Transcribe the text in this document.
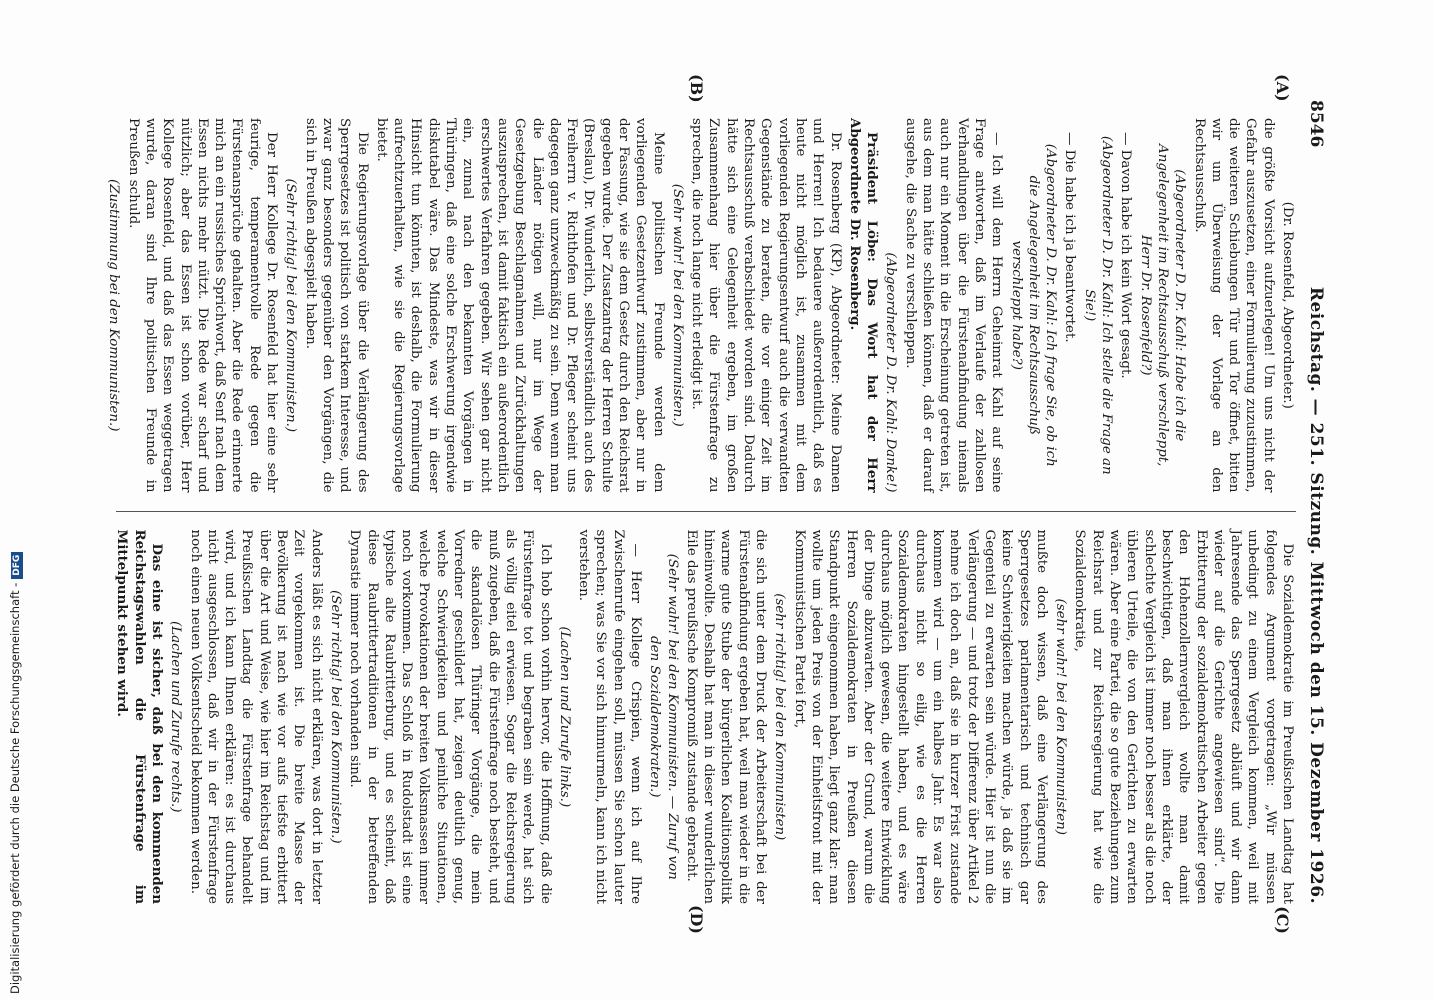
8546
Reichstag. — 251. Sitzung. Mittwoch den 15. Dezember 1926.
(A)
(B)
(C)
(D)

(Dr. Rosenfeld, Abgeordneter.)

die größte Vorsicht aufzuerlegen! Um uns nicht der Gefahr auszusetzen, einer Formulierung zuzustimmen, die weiteren Schiebungen Tür und Tor öffnet, bitten wir um Überweisung der Vorlage an den Rechtsausschuß.

(Abgeordneter D. Dr. Kahl: Habe ich die Angelegenheit im Rechtsausschuß verschleppt, Herr Dr. Rosenfeld?)

— Davon habe ich kein Wort gesagt.

(Abgeordneter D. Dr. Kahl: Ich stelle die Frage an Sie!)

— Die habe ich ja beantwortet.

(Abgeordneter D. Dr. Kahl: Ich frage Sie, ob ich die Angelegenheit im Rechtsausschuß verschleppt habe?)

— Ich will dem Herrn Geheimrat Kahl auf seine Frage antworten, daß im Verlaufe der zahllosen Verhandlungen über die Fürstenabfindung niemals auch nur ein Moment in die Erscheinung getreten ist, aus dem man hätte schließen können, daß er darauf ausgehe, die Sache zu verschleppen.

(Abgeordneter D. Dr. Kahl: Danke!)

Präsident Löbe: Das Wort hat der Herr Abgeordnete Dr. Rosenberg.

Dr. Rosenberg (KP), Abgeordneter: Meine Damen und Herren! Ich bedauere außerordentlich, daß es heute nicht möglich ist, zusammen mit dem vorliegenden Regierungsentwurf auch die verwandten Gegenstände zu beraten, die vor einiger Zeit im Rechtsausschuß verabschiedet worden sind. Dadurch hätte sich eine Gelegenheit ergeben, im großen Zusammenhang hier über die Fürstenfrage zu sprechen, die noch lange nicht erledigt ist.

(Sehr wahr! bei den Kommunisten.)

Meine politischen Freunde werden dem vorliegenden Gesetzentwurf zustimmen, aber nur in der Fassung, wie sie dem Gesetz durch den Reichsrat gegeben wurde. Der Zusatzantrag der Herren Schulte (Breslau), Dr. Wunderlich, selbstverständlich auch des Freiherrn v. Richthofen und Dr. Pfleger scheint uns dagegen ganz unzweckmäßig zu sein. Denn wenn man die Länder nötigen will, nur im Wege der Gesetzgebung Beschlagnahmen und Zurückhaltungen auszusprechen, ist damit faktisch ein außerordentlich erschwertes Verfahren gegeben. Wir sehen gar nicht ein, zumal nach den bekannten Vorgängen in Thüringen, daß eine solche Erschwerung irgendwie diskutabel wäre. Das Mindeste, was wir in dieser Hinsicht tun könnten, ist deshalb, die Formulierung aufrechtzuerhalten, wie sie die Regierungsvorlage bietet.

Die Regierungsvorlage über die Verlängerung des Sperrgesetzes ist politisch von starkem Interesse, und zwar ganz besonders gegenüber den Vorgängen, die sich in Preußen abgespielt haben.

(Sehr richtig! bei den Kommunisten.)

Der Herr Kollege Dr. Rosenfeld hat hier eine sehr feurige, temperamentvolle Rede gegen die Fürstenansprüche gehalten. Aber die Rede erinnerte mich an ein russisches Sprichwort, daß Senf nach dem Essen nichts mehr nützt. Die Rede war scharf und nützlich; aber das Essen ist schon vorüber, Herr Kollege Rosenfeld, und daß das Essen weggetragen wurde, daran sind Ihre politischen Freunde in Preußen schuld.

(Zustimmung bei den Kommunisten.)

Die Sozialdemokratie im Preußischen Landtag hat folgendes Argument vorgetragen: „Wir müssen unbedingt zu einem Vergleich kommen, weil mit Jahresende das Sperrgesetz abläuft und wir dann wieder auf die Gerichte angewiesen sind“. Die Erbitterung der sozialdemokratischen Arbeiter gegen den Hohenzollernvergleich wollte man damit beschwichtigen, daß man ihnen erklärte, der schlechte Vergleich ist immer noch besser als die noch übleren Urteile, die von den Gerichten zu erwarten wären. Aber eine Partei, die so gute Beziehungen zum Reichsrat und zur Reichsregierung hat wie die Sozialdemokratie,

(sehr wahr! bei den Kommunisten)

mußte doch wissen, daß eine Verlängerung des Sperrgesetzes parlamentarisch und technisch gar keine Schwierigkeiten machen würde, ja daß sie im Gegenteil zu erwarten sein würde. Hier ist nun die Verlängerung — und trotz der Differenz über Artikel 2 nehme ich doch an, daß sie in kurzer Frist zustande kommen wird — um ein halbes Jahr. Es war also durchaus nicht so eilig, wie es die Herren Sozialdemokraten hingestellt haben, und es wäre durchaus möglich gewesen, die weitere Entwicklung der Dinge abzuwarten. Aber der Grund, warum die Herren Sozialdemokraten in Preußen diesen Standpunkt eingenommen haben, liegt ganz klar: man wollte um jeden Preis von der Einheitsfront mit der Kommunistischen Partei fort,

(sehr richtig! bei den Kommunisten)

die sich unter dem Druck der Arbeiterschaft bei der Fürstenabfindung ergeben hat, weil man wieder in die warme gute Stube der bürgerlichen Koalitionspolitik hineinwollte. Deshalb hat man in dieser wunderlichen Eile das preußische Kompromiß zustande gebracht.

(Sehr wahr! bei den Kommunisten. — Zuruf von den Sozialdemokraten.)

— Herr Kollege Crispien, wenn ich auf Ihre Zwischenrufe eingehen soll, müssen Sie schon lauter sprechen; was Sie vor sich hinmurmeln, kann ich nicht verstehen.

(Lachen und Zurufe links.)

Ich hob schon vorhin hervor, die Hoffnung, daß die Fürstenfrage tot und begraben sein werde, hat sich als völlig eitel erwiesen. Sogar die Reichsregierung muß zugeben, daß die Fürstenfrage noch besteht, und die skandalösen Thüringer Vorgänge, die mein Vorredner geschildert hat, zeigen deutlich genug, welche Schwierigkeiten und peinliche Situationen, welche Provokationen der breiten Volksmassen immer noch vorkommen. Das Schloß in Rudolstadt ist eine typische alte Raubritterburg, und es scheint, daß diese Raubrittertraditionen in der betreffenden Dynastie immer noch vorhanden sind.

(Sehr richtig! bei den Kommunisten.)

Anders läßt es sich nicht erklären, was dort in letzter Zeit vorgekommen ist. Die breite Masse der Bevölkerung ist nach wie vor aufs tiefste erbittert über die Art und Weise, wie hier im Reichstag und im Preußischen Landtag die Fürstenfrage behandelt wird, und ich kann Ihnen erklären: es ist durchaus nicht ausgeschlossen, daß wir in der Fürstenfrage noch einen neuen Volksentscheid bekommen werden.

(Lachen und Zurufe rechts.)

Das eine ist sicher, daß bei den kommenden Reichstagswahlen die Fürstenfrage im Mittelpunkt stehen wird.

Digitalisierung gefördert durch die Deutsche Forschungsgemeinschaft -DFG
